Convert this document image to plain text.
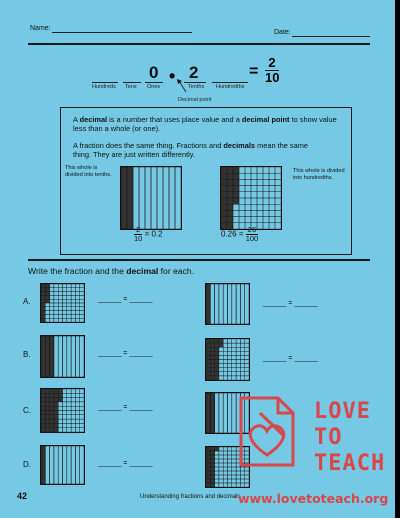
Name:
Date:
0 2
•
Hundreds Tens Ones	Tenths Hundredths
= $\frac{2}{10}$
Decimal point
A decimal is a number that uses place value and a decimal point to show value less than a whole (or one).
A fraction does the same thing. Fractions and decimals mean the same thing. They are just written differently.
This whole is divided into tenths.
This whole is divided into hundredths.
$\frac{2}{10} = 0.2$	$0.26 = \frac{26}{100}$
Write the fraction and the decimal for each.
A.	______ = ______
______ = ______
B.	______ = ______
______ = ______
C.	______ = ______
D.	______ = ______
42	Understanding fractions and decimals
LOVE
TO
TEACH
www.lovetoteach.org
